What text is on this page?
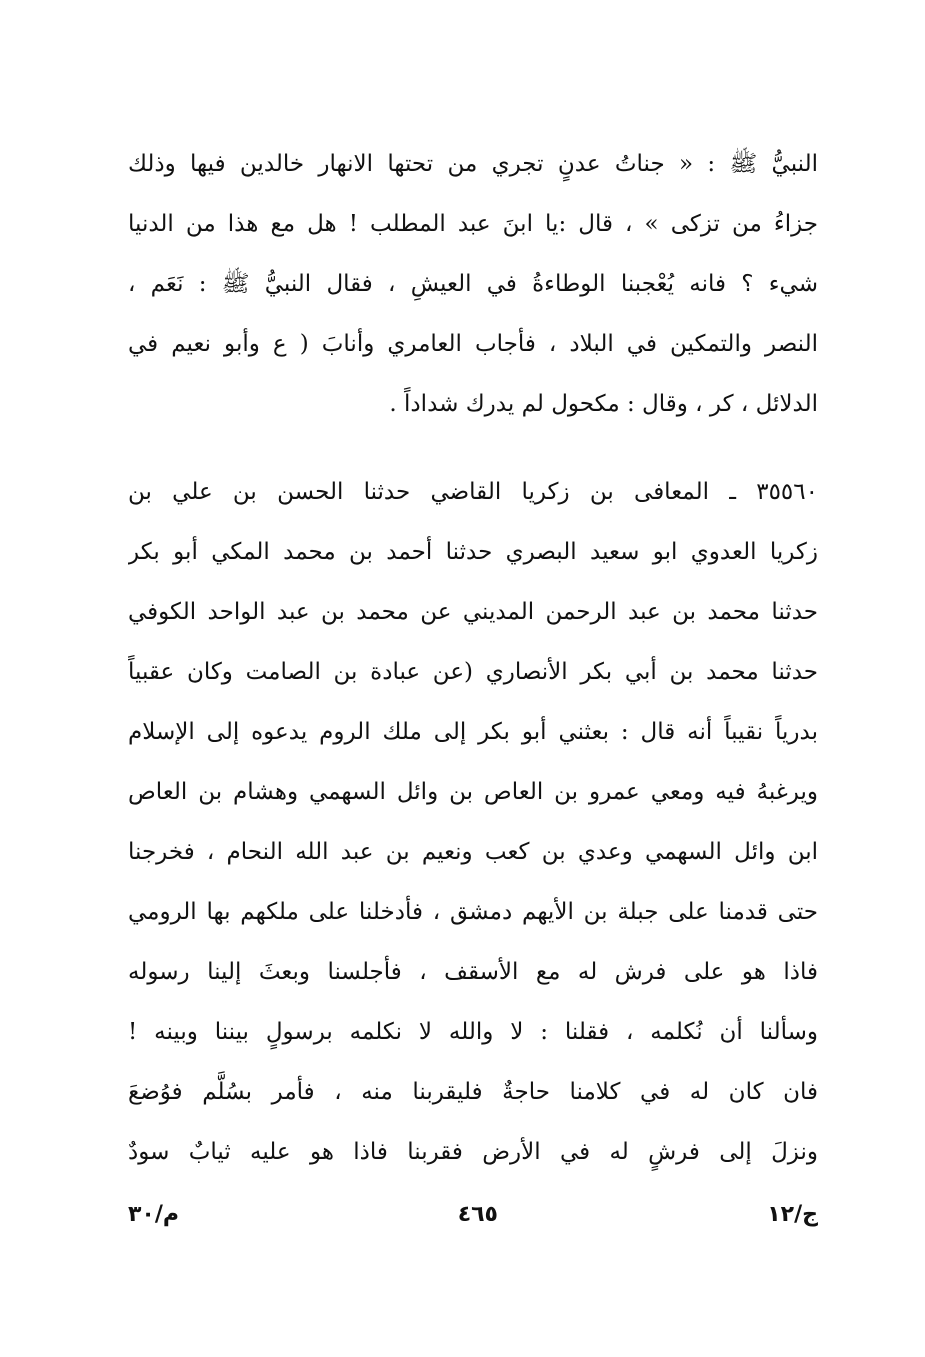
النبيُّ ﷺ : « جناتُ عدنٍ تجري من تحتها الانهار خالدين فيها وذلك
جزاءُ من تزكى » ، قال :يا ابنَ عبد المطلب ! هل مع هذا من الدنيا
شيء ؟ فانه يُعْجبنا الوطاءةُ في العيشِ ، فقال النبيُّ ﷺ : نَعَم ،
النصر والتمكين في البلاد ، فأجاب العامري وأنابَ ( ع وأبو نعيم في
الدلائل ، كر ، وقال : مكحول لم يدرك شداداً .
٣٥٥٦٠ ـ المعافى بن زكريا القاضي حدثنا الحسن بن علي بن
زكريا العدوي ابو سعيد البصري حدثنا أحمد بن محمد المكي أبو بكر
حدثنا محمد بن عبد الرحمن المديني عن محمد بن عبد الواحد الكوفي
حدثنا محمد بن أبي بكر الأنصاري (عن عبادة بن الصامت وكان عقبياً
بدرياً نقيباً أنه قال : بعثني أبو بكر إلى ملك الروم يدعوه إلى الإسلام
ويرغبهُ فيه ومعي عمرو بن العاص بن وائل السهمي وهشام بن العاص
ابن وائل السهمي وعدي بن كعب ونعيم بن عبد الله النحام ، فخرجنا
حتى قدمنا على جبلة بن الأيهم دمشق ، فأدخلنا على ملكهم بها الرومي
فاذا هو على فرش له مع الأسقف ، فأجلسنا وبعثَ إلينا رسوله
وسألنا أن نُكلمه ، فقلنا : لا والله لا نكلمه برسولٍ بيننا وبينه !
فان كان له في كلامنا حاجةٌ فليقربنا منه ، فأمر بسُلَّم فوُضعَ
ونزلَ إلى فرشٍ له في الأرض فقربنا فاذا هو عليه ثيابٌ سودٌ
ج/١٢
٤٦٥
م/٣٠
